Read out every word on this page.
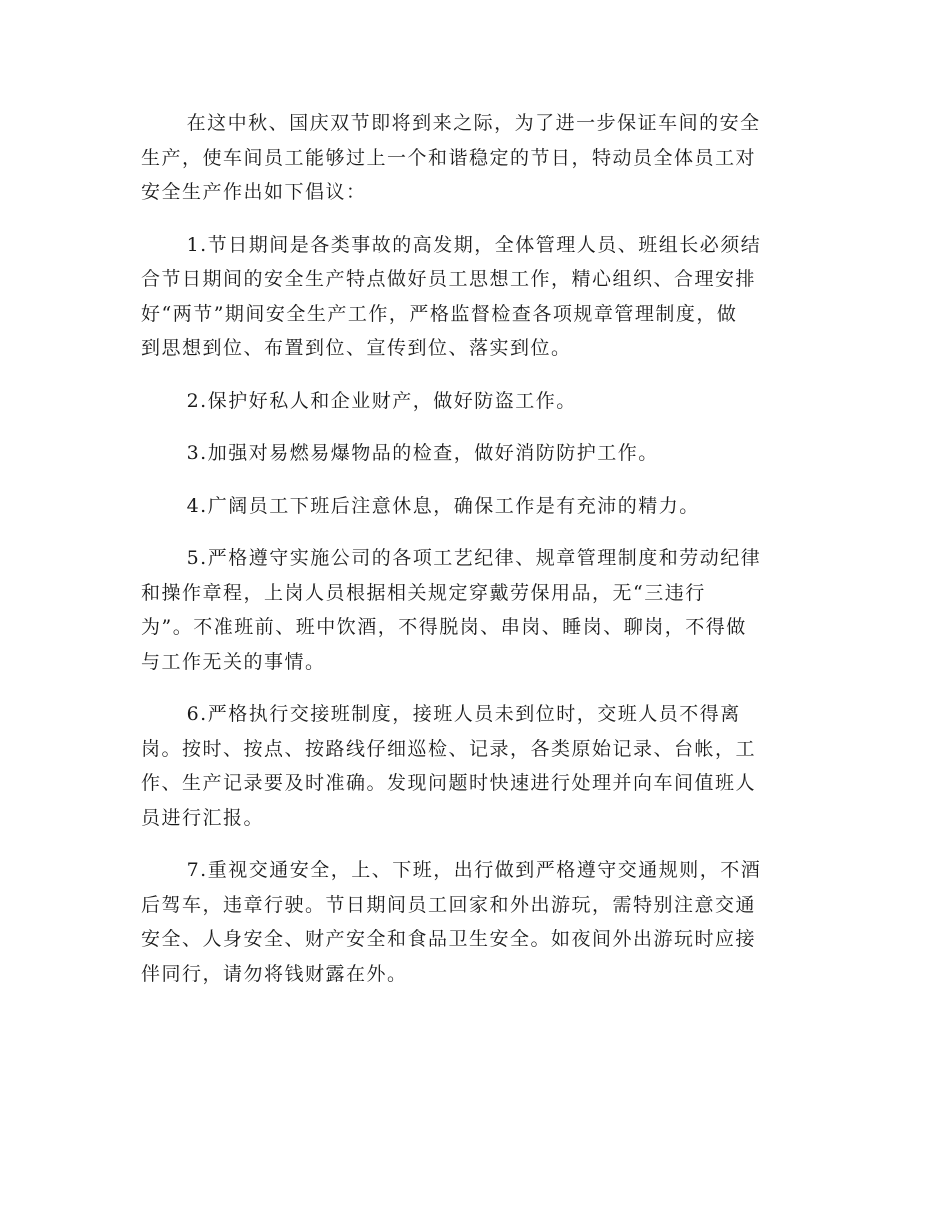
在这中秋、国庆双节即将到来之际，为了进一步保证车间的安全
生产，使车间员工能够过上一个和谐稳定的节日，特动员全体员工对
安全生产作出如下倡议：

1.节日期间是各类事故的高发期，全体管理人员、班组长必须结
合节日期间的安全生产特点做好员工思想工作，精心组织、合理安排
好“两节”期间安全生产工作，严格监督检查各项规章管理制度，做
到思想到位、布置到位、宣传到位、落实到位。

2.保护好私人和企业财产，做好防盗工作。

3.加强对易燃易爆物品的检查，做好消防防护工作。

4.广阔员工下班后注意休息，确保工作是有充沛的精力。

5.严格遵守实施公司的各项工艺纪律、规章管理制度和劳动纪律
和操作章程，上岗人员根据相关规定穿戴劳保用品，无“三违行
为”。不准班前、班中饮酒，不得脱岗、串岗、睡岗、聊岗，不得做
与工作无关的事情。

6.严格执行交接班制度，接班人员未到位时，交班人员不得离
岗。按时、按点、按路线仔细巡检、记录，各类原始记录、台帐，工
作、生产记录要及时准确。发现问题时快速进行处理并向车间值班人
员进行汇报。

7.重视交通安全，上、下班，出行做到严格遵守交通规则，不酒
后驾车，违章行驶。节日期间员工回家和外出游玩，需特别注意交通
安全、人身安全、财产安全和食品卫生安全。如夜间外出游玩时应接
伴同行，请勿将钱财露在外。
